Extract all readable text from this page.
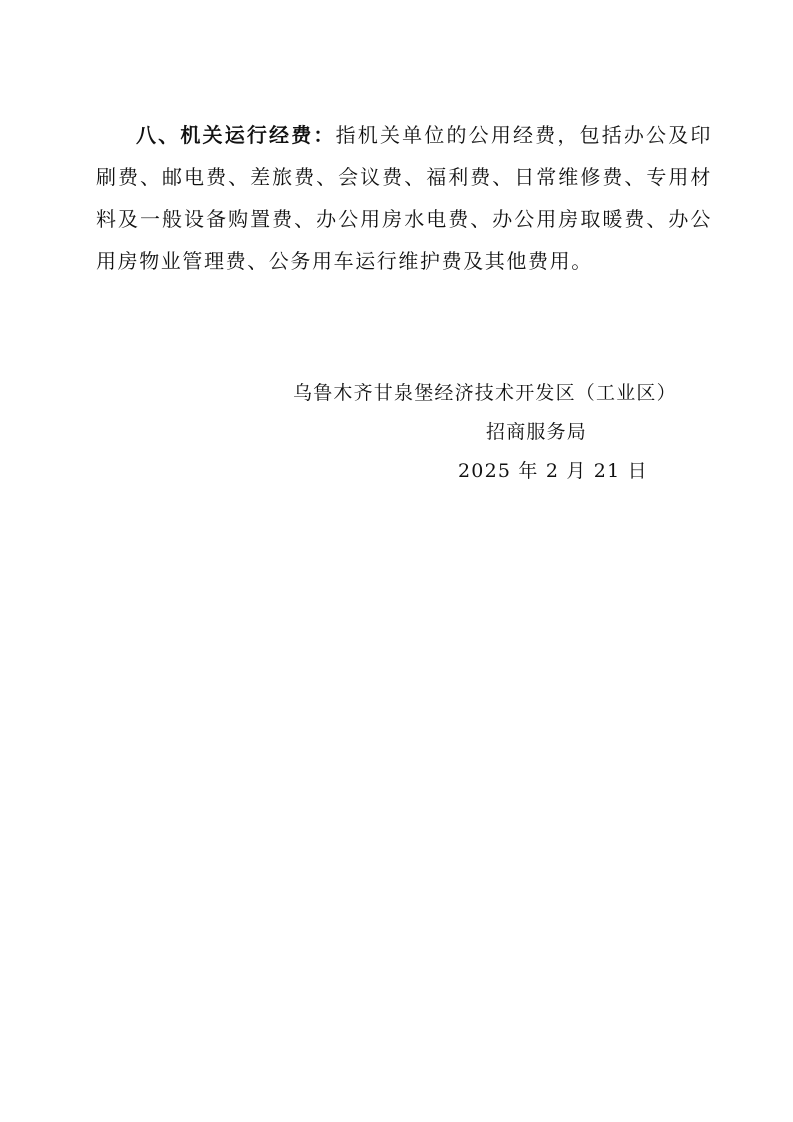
八、机关运行经费：指机关单位的公用经费，包括办公及印刷费、邮电费、差旅费、会议费、福利费、日常维修费、专用材料及一般设备购置费、办公用房水电费、办公用房取暖费、办公用房物业管理费、公务用车运行维护费及其他费用。

乌鲁木齐甘泉堡经济技术开发区（工业区）
招商服务局
2025 年 2 月 21 日
